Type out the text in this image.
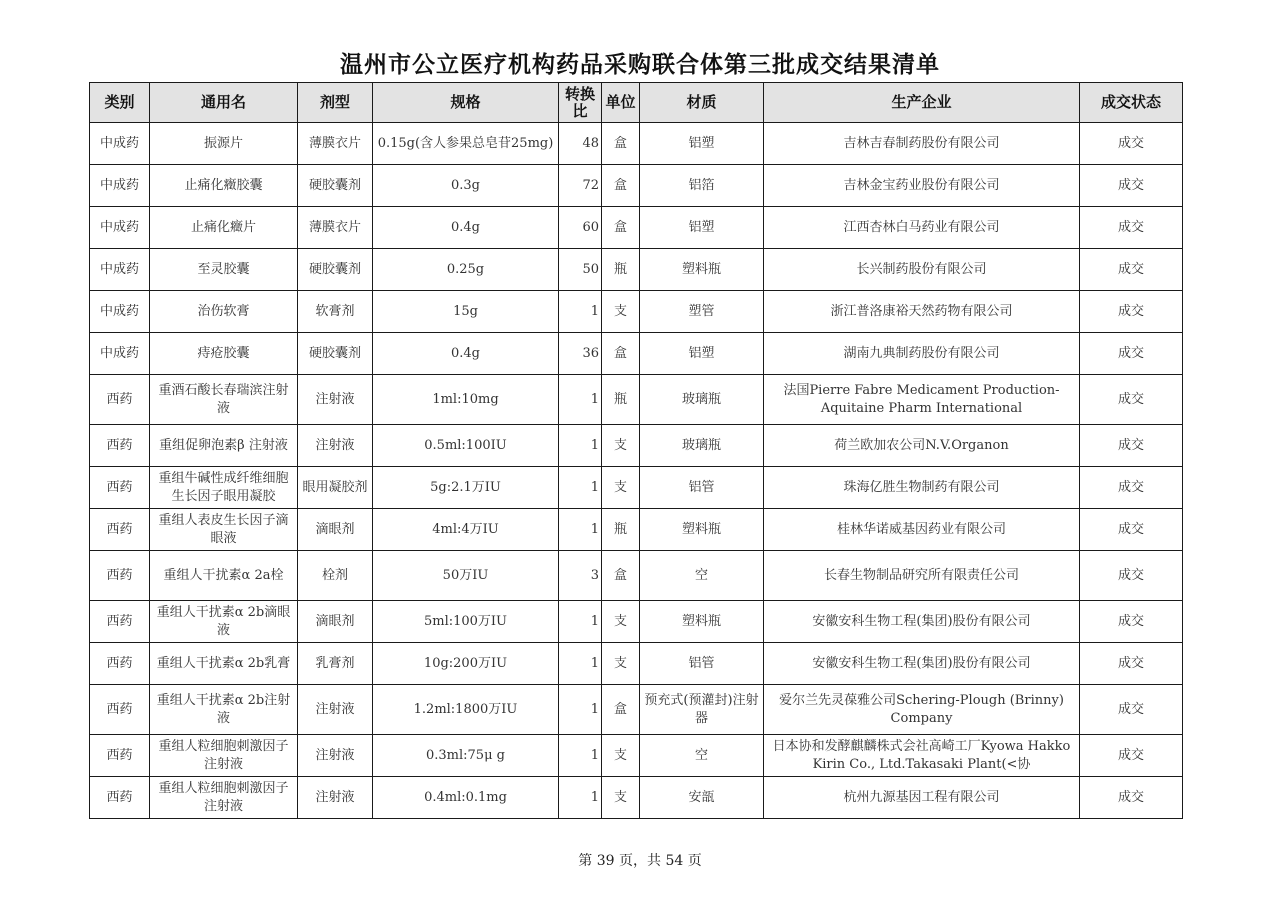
温州市公立医疗机构药品采购联合体第三批成交结果清单
类别	通用名	剂型	规格	转换比	单位	材质	生产企业	成交状态
中成药	振源片	薄膜衣片	0.15g(含人参果总皂苷25mg)	48	盒	铝塑	吉林吉春制药股份有限公司	成交
中成药	止痛化癥胶囊	硬胶囊剂	0.3g	72	盒	铝箔	吉林金宝药业股份有限公司	成交
中成药	止痛化癥片	薄膜衣片	0.4g	60	盒	铝塑	江西杏林白马药业有限公司	成交
中成药	至灵胶囊	硬胶囊剂	0.25g	50	瓶	塑料瓶	长兴制药股份有限公司	成交
中成药	治伤软膏	软膏剂	15g	1	支	塑管	浙江普洛康裕天然药物有限公司	成交
中成药	痔疮胶囊	硬胶囊剂	0.4g	36	盒	铝塑	湖南九典制药股份有限公司	成交
西药	重酒石酸长春瑞滨注射液	注射液	1ml:10mg	1	瓶	玻璃瓶	法国Pierre Fabre Medicament Production-Aquitaine Pharm International	成交
西药	重组促卵泡素β 注射液	注射液	0.5ml:100IU	1	支	玻璃瓶	荷兰欧加农公司N.V.Organon	成交
西药	重组牛碱性成纤维细胞生长因子眼用凝胶	眼用凝胶剂	5g:2.1万IU	1	支	铝管	珠海亿胜生物制药有限公司	成交
西药	重组人表皮生长因子滴眼液	滴眼剂	4ml:4万IU	1	瓶	塑料瓶	桂林华诺威基因药业有限公司	成交
西药	重组人干扰素α 2a栓	栓剂	50万IU	3	盒	空	长春生物制品研究所有限责任公司	成交
西药	重组人干扰素α 2b滴眼液	滴眼剂	5ml:100万IU	1	支	塑料瓶	安徽安科生物工程(集团)股份有限公司	成交
西药	重组人干扰素α 2b乳膏	乳膏剂	10g:200万IU	1	支	铝管	安徽安科生物工程(集团)股份有限公司	成交
西药	重组人干扰素α 2b注射液	注射液	1.2ml:1800万IU	1	盒	预充式(预灌封)注射器	爱尔兰先灵葆雅公司Schering-Plough (Brinny) Company	成交
西药	重组人粒细胞刺激因子注射液	注射液	0.3ml:75μ g	1	支	空	日本协和发酵麒麟株式会社高崎工厂Kyowa Hakko Kirin Co., Ltd.Takasaki Plant(<协	成交
西药	重组人粒细胞刺激因子注射液	注射液	0.4ml:0.1mg	1	支	安瓿	杭州九源基因工程有限公司	成交
第 39 页，共 54 页
